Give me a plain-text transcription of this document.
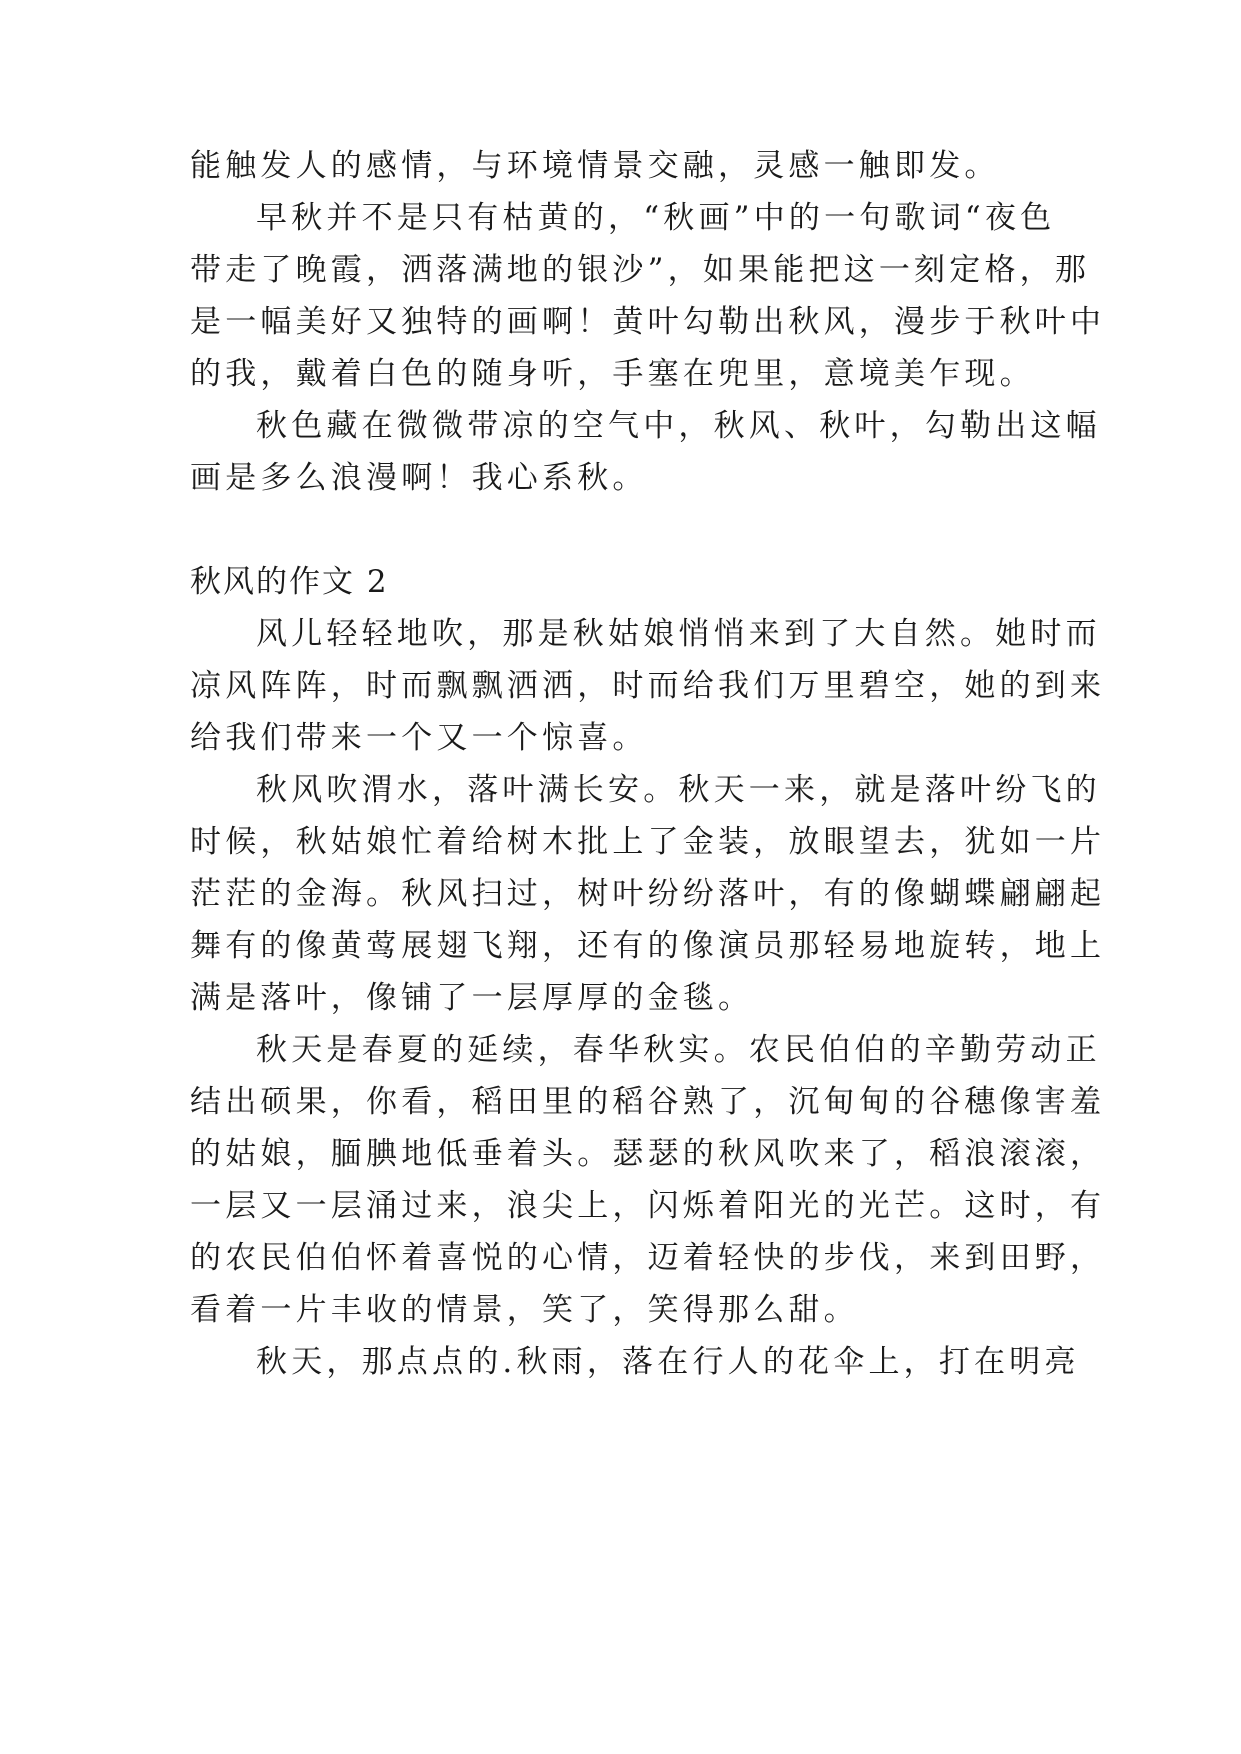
能触发人的感情，与环境情景交融，灵感一触即发。
早秋并不是只有枯黄的，“秋画”中的一句歌词“夜色
带走了晚霞，洒落满地的银沙”，如果能把这一刻定格，那
是一幅美好又独特的画啊！黄叶勾勒出秋风，漫步于秋叶中
的我，戴着白色的随身听，手塞在兜里，意境美乍现。
秋色藏在微微带凉的空气中，秋风、秋叶，勾勒出这幅
画是多么浪漫啊！我心系秋。
秋风的作文 2
风儿轻轻地吹，那是秋姑娘悄悄来到了大自然。她时而
凉风阵阵，时而飘飘洒洒，时而给我们万里碧空，她的到来
给我们带来一个又一个惊喜。
秋风吹渭水，落叶满长安。秋天一来，就是落叶纷飞的
时候，秋姑娘忙着给树木批上了金装，放眼望去，犹如一片
茫茫的金海。秋风扫过，树叶纷纷落叶，有的像蝴蝶翩翩起
舞有的像黄莺展翅飞翔，还有的像演员那轻易地旋转，地上
满是落叶，像铺了一层厚厚的金毯。
秋天是春夏的延续，春华秋实。农民伯伯的辛勤劳动正
结出硕果，你看，稻田里的稻谷熟了，沉甸甸的谷穗像害羞
的姑娘，腼腆地低垂着头。瑟瑟的秋风吹来了，稻浪滚滚，
一层又一层涌过来，浪尖上，闪烁着阳光的光芒。这时，有
的农民伯伯怀着喜悦的心情，迈着轻快的步伐，来到田野，
看着一片丰收的情景，笑了，笑得那么甜。
秋天，那点点的.秋雨，落在行人的花伞上，打在明亮
